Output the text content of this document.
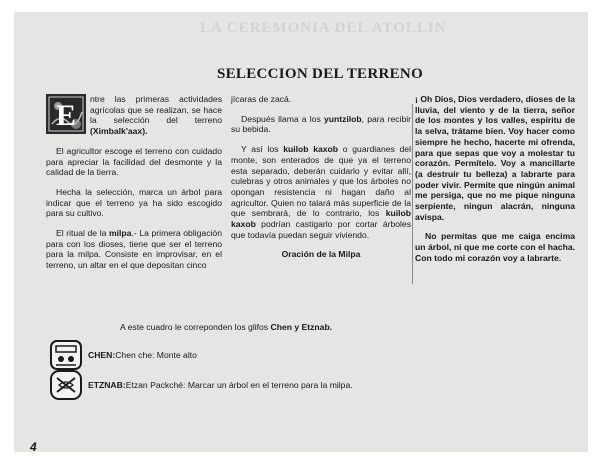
LA CEREMONIA DEL ATOLLIN
SELECCION DEL TERRENO

E ntre las primeras actividades agrícolas que se realizan, se hace la selección del terreno (Ximbalk'aax).

El agricultor escoge el terreno con cuidado para apreciar la facilidad del desmonte y la calidad de la tierra.

Hecha la selección, marca un árbol para indicar que el terreno ya ha sido escogido para su cultivo.

El ritual de la milpa.- La primera obligación para con los dioses, tiene que ser el terreno para la milpa. Consiste en improvisar, en el terreno, un altar en el que depositan cinco

jícaras de zacá.

Después llama a los yuntzilob, para recibir su bebida.

Y así los kuilob kaxob o guardianes del monte, son enterados de que ya el terreno esta separado, deberán cuidarlo y evitar allí, culebras y otros animales y que los árboles no opongan resistencia ni hagan daño al agricultor. Quien no talará más superficie de la que sembrará, de lo contrario, los kuilob kaxob podrían castigarlo por cortar árboles que todavía puedan seguir viviendo.

Oración de la Milpa

¡ Oh Dios, Dios verdadero, dioses de la lluvia, del viento y de la tierra, señor de los montes y los valles, espíritu de la selva, trátame bien. Voy hacer como siempre he hecho, hacerte mi ofrenda, para que sepas que voy a molestar tu corazón. Permítelo. Voy a mancillarte (a destruir tu belleza) a labrarte para poder vivir. Permite que ningún animal me persiga, que no me pique ninguna serpiente, ningun alacrán, ninguna avispa.

No permitas que me caiga encima un árbol, ni que me corte con el hacha. Con todo mi corazón voy a labrarte.

A este cuadro le correponden los glifos Chen y Etznab.
CHEN: Chen che: Monte alto
ETZNAB: Etzan Packché: Marcar un árbol en el terreno para la milpa.
4
